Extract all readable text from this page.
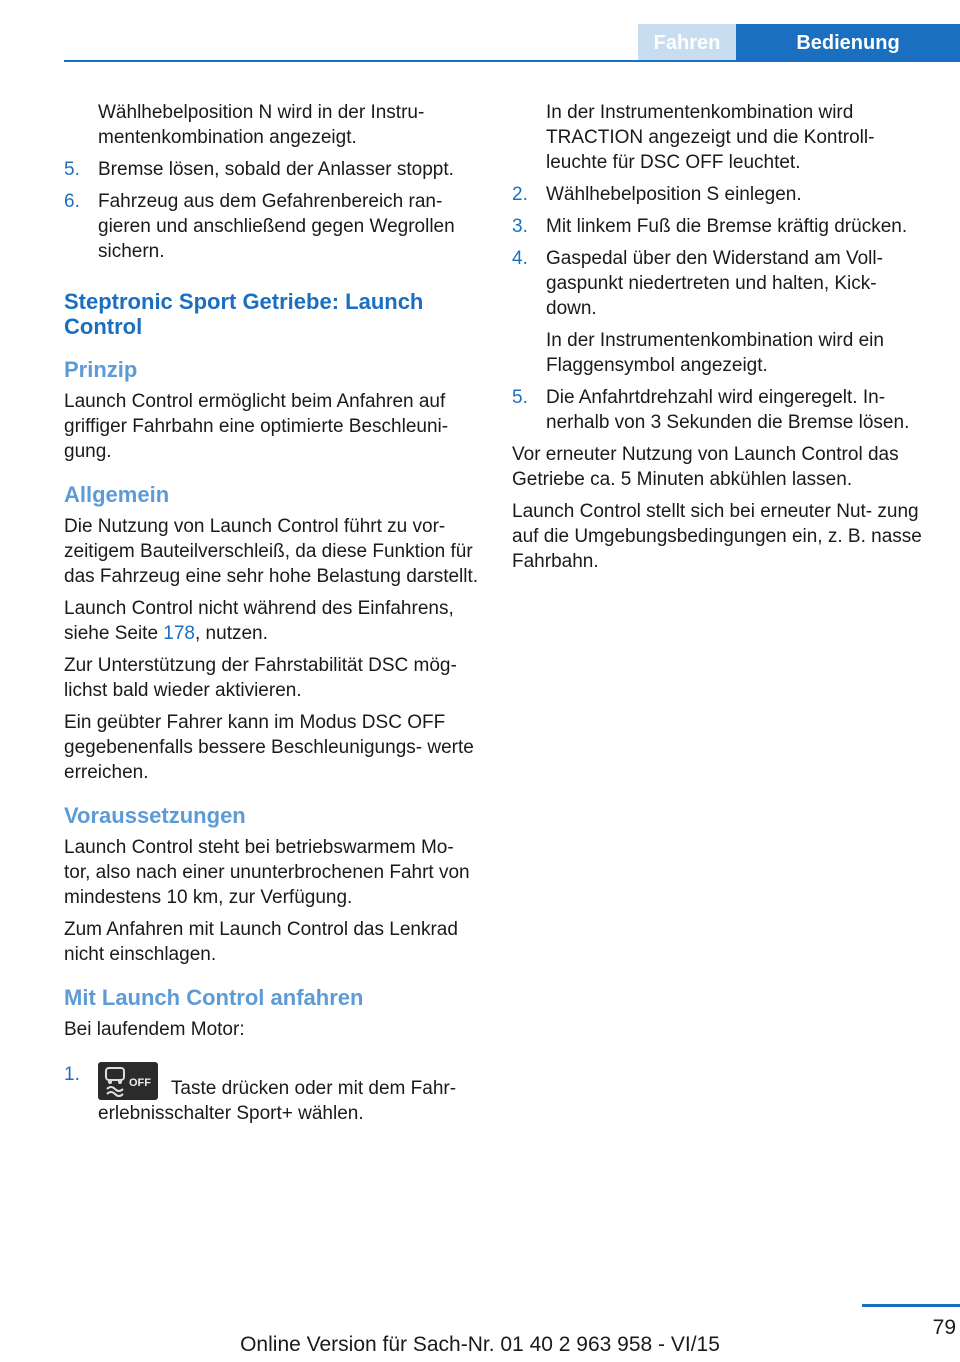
Fahren	Bedienung

Wählhebelposition N wird in der Instru‐ mentenkombination angezeigt.

5. Bremse lösen, sobald der Anlasser stoppt.
6. Fahrzeug aus dem Gefahrenbereich ran‐ gieren und anschließend gegen Wegrollen sichern.
Steptronic Sport Getriebe: Launch Control
Prinzip

Launch Control ermöglicht beim Anfahren auf griffiger Fahrbahn eine optimierte Beschleuni‐ gung.

Allgemein

Die Nutzung von Launch Control führt zu vor‐ zeitigem Bauteilverschleiß, da diese Funktion für das Fahrzeug eine sehr hohe Belastung darstellt.

Launch Control nicht während des Einfahrens, siehe Seite 178, nutzen.

Zur Unterstützung der Fahrstabilität DSC mög‐ lichst bald wieder aktivieren.

Ein geübter Fahrer kann im Modus DSC OFF gegebenenfalls bessere Beschleunigungs‐ werte erreichen.

Voraussetzungen

Launch Control steht bei betriebswarmem Mo‐ tor, also nach einer ununterbrochenen Fahrt von mindestens 10 km, zur Verfügung.

Zum Anfahren mit Launch Control das Lenkrad nicht einschlagen.

Mit Launch Control anfahren

Bei laufendem Motor:

1.	OFF Taste drücken oder mit dem Fahr‐ erlebnisschalter Sport+ wählen.

In der Instrumentenkombination wird TRACTION angezeigt und die Kontroll‐ leuchte für DSC OFF leuchtet.

2. Wählhebelposition S einlegen.
3. Mit linkem Fuß die Bremse kräftig drücken.
4. Gaspedal über den Widerstand am Voll‐ gaspunkt niedertreten und halten, Kick‐ down.

In der Instrumentenkombination wird ein Flaggensymbol angezeigt.

5. Die Anfahrtdrehzahl wird eingeregelt. In‐ nerhalb von 3 Sekunden die Bremse lösen.

Vor erneuter Nutzung von Launch Control das Getriebe ca. 5 Minuten abkühlen lassen.

Launch Control stellt sich bei erneuter Nut‐ zung auf die Umgebungsbedingungen ein, z. B. nasse Fahrbahn.

79
Online Version für Sach-Nr. 01 40 2 963 958 - VI/15
